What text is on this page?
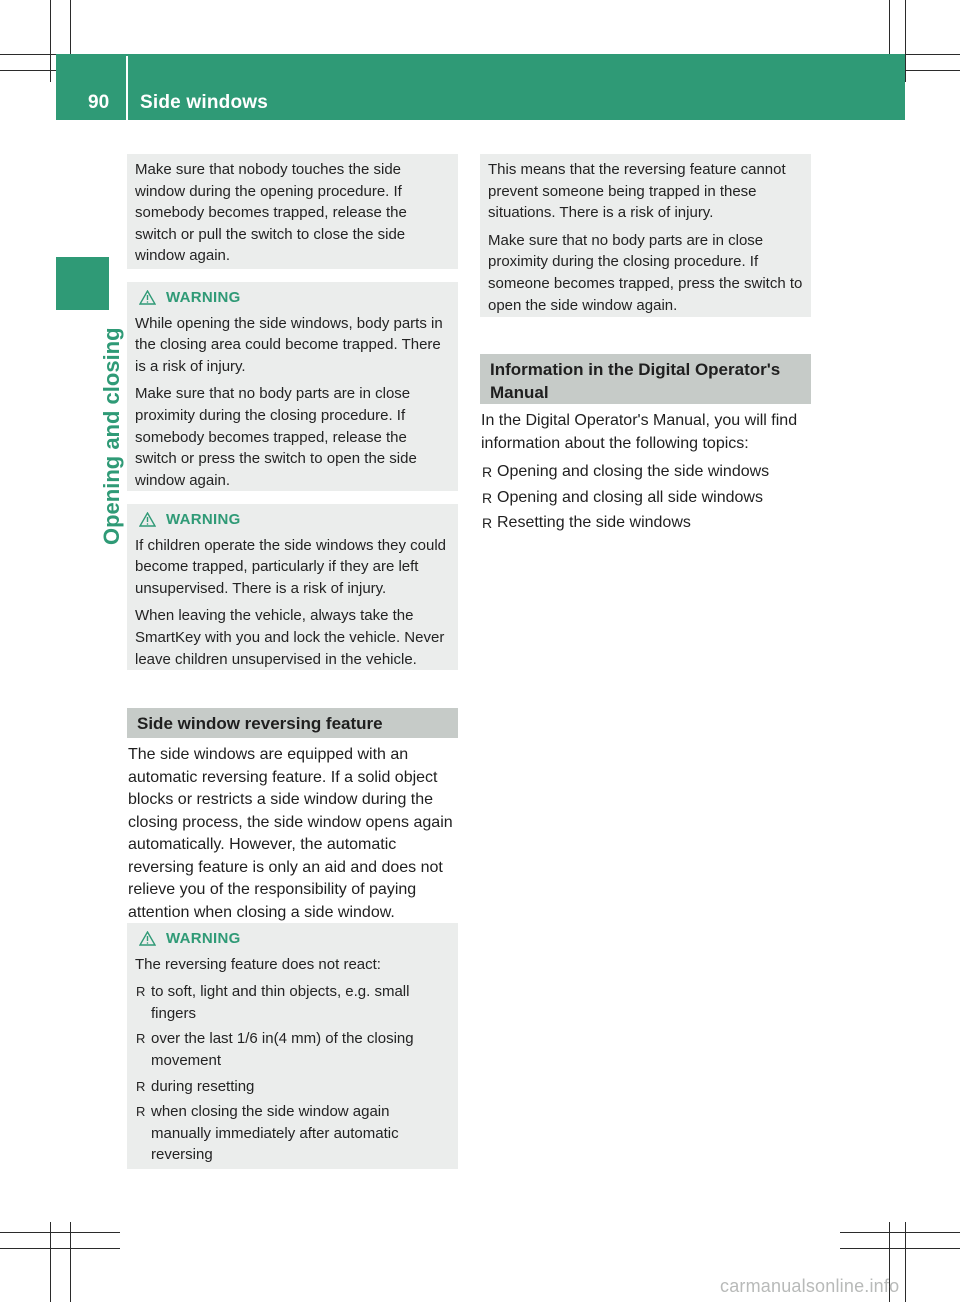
90 Side windows
Opening and closing

Make sure that nobody touches the side window during the opening procedure. If somebody becomes trapped, release the switch or pull the switch to close the side window again.

WARNING

While opening the side windows, body parts in the closing area could become trapped. There is a risk of injury.

Make sure that no body parts are in close proximity during the closing procedure. If somebody becomes trapped, release the switch or press the switch to open the side window again.

WARNING

If children operate the side windows they could become trapped, particularly if they are left unsupervised. There is a risk of injury.

When leaving the vehicle, always take the SmartKey with you and lock the vehicle. Never leave children unsupervised in the vehicle.

Side window reversing feature

The side windows are equipped with an automatic reversing feature. If a solid object blocks or restricts a side window during the closing process, the side window opens again automatically. However, the automatic reversing feature is only an aid and does not relieve you of the responsibility of paying attention when closing a side window.

WARNING

The reversing feature does not react:

R to soft, light and thin objects, e.g. small fingers
R over the last 1/6 in(4 mm) of the closing movement
R during resetting
R when closing the side window again manually immediately after automatic reversing

This means that the reversing feature cannot prevent someone being trapped in these situations. There is a risk of injury.

Make sure that no body parts are in close proximity during the closing procedure. If someone becomes trapped, press the switch to open the side window again.

Information in the Digital Operator's Manual

In the Digital Operator's Manual, you will find information about the following topics:

R Opening and closing the side windows
R Opening and closing all side windows
R Resetting the side windows
carmanualsonline.info
